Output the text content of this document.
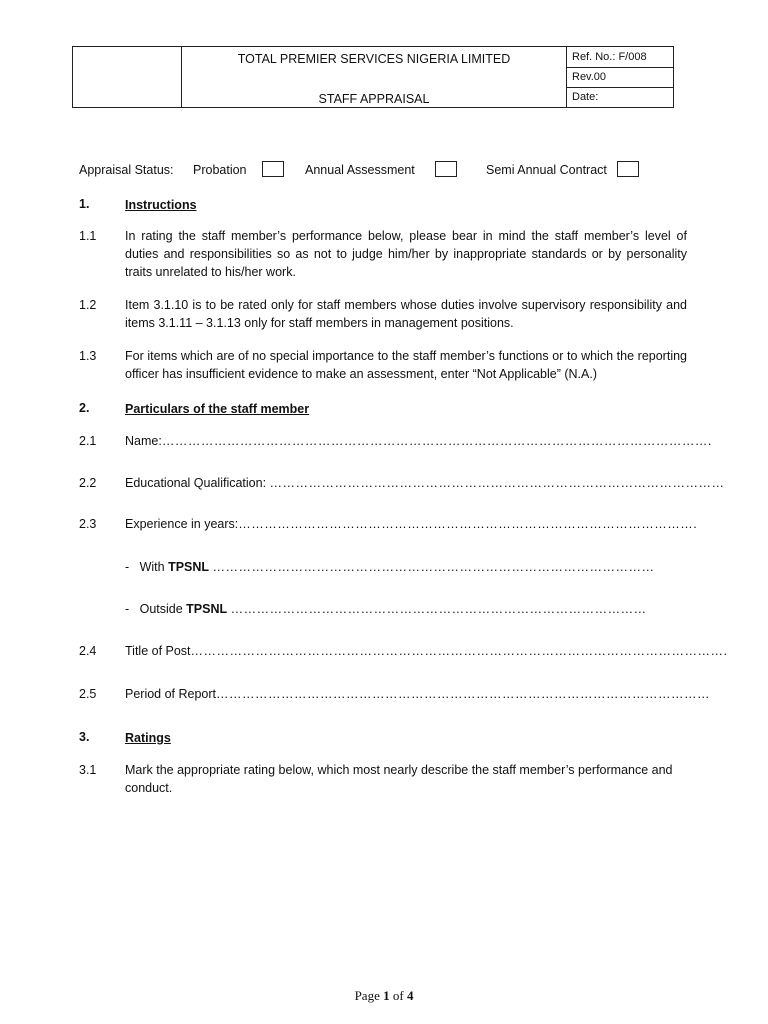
TOTAL PREMIER SERVICES NIGERIA LIMITED
STAFF APPRAISAL
Ref. No.: F/008
Rev.00
Date:
Appraisal Status: Probation	Annual Assessment	Semi Annual Contract
1.	Instructions
1.1 In rating the staff member’s performance below, please bear in mind the staff member’s level of duties and responsibilities so as not to judge him/her by inappropriate standards or by personality traits unrelated to his/her work.
1.2 Item 3.1.10 is to be rated only for staff members whose duties involve supervisory responsibility and items 3.1.11 – 3.1.13 only for staff members in management positions.
1.3 For items which are of no special importance to the staff member’s functions or to which the reporting officer has insufficient evidence to make an assessment, enter “Not Applicable” (N.A.)
2.	Particulars of the staff member
2.1 Name:……………………………………………………………………………………………………………….
2.2 Educational Qualification: ……………………………………………………………………………………………
2.3 Experience in years:…………………………………………………………………………………………….
- With TPSNL …………………………………………………………………………………………
- Outside TPSNL ……………………………………………………………………………………
2.4 Title of Post…………………………………………………………………………………………………………….
2.5 Period of Report……………………………………………………………………………………………………
3.	Ratings
3.1 Mark the appropriate rating below, which most nearly describe the staff member’s performance and conduct.
Page 1 of 4
